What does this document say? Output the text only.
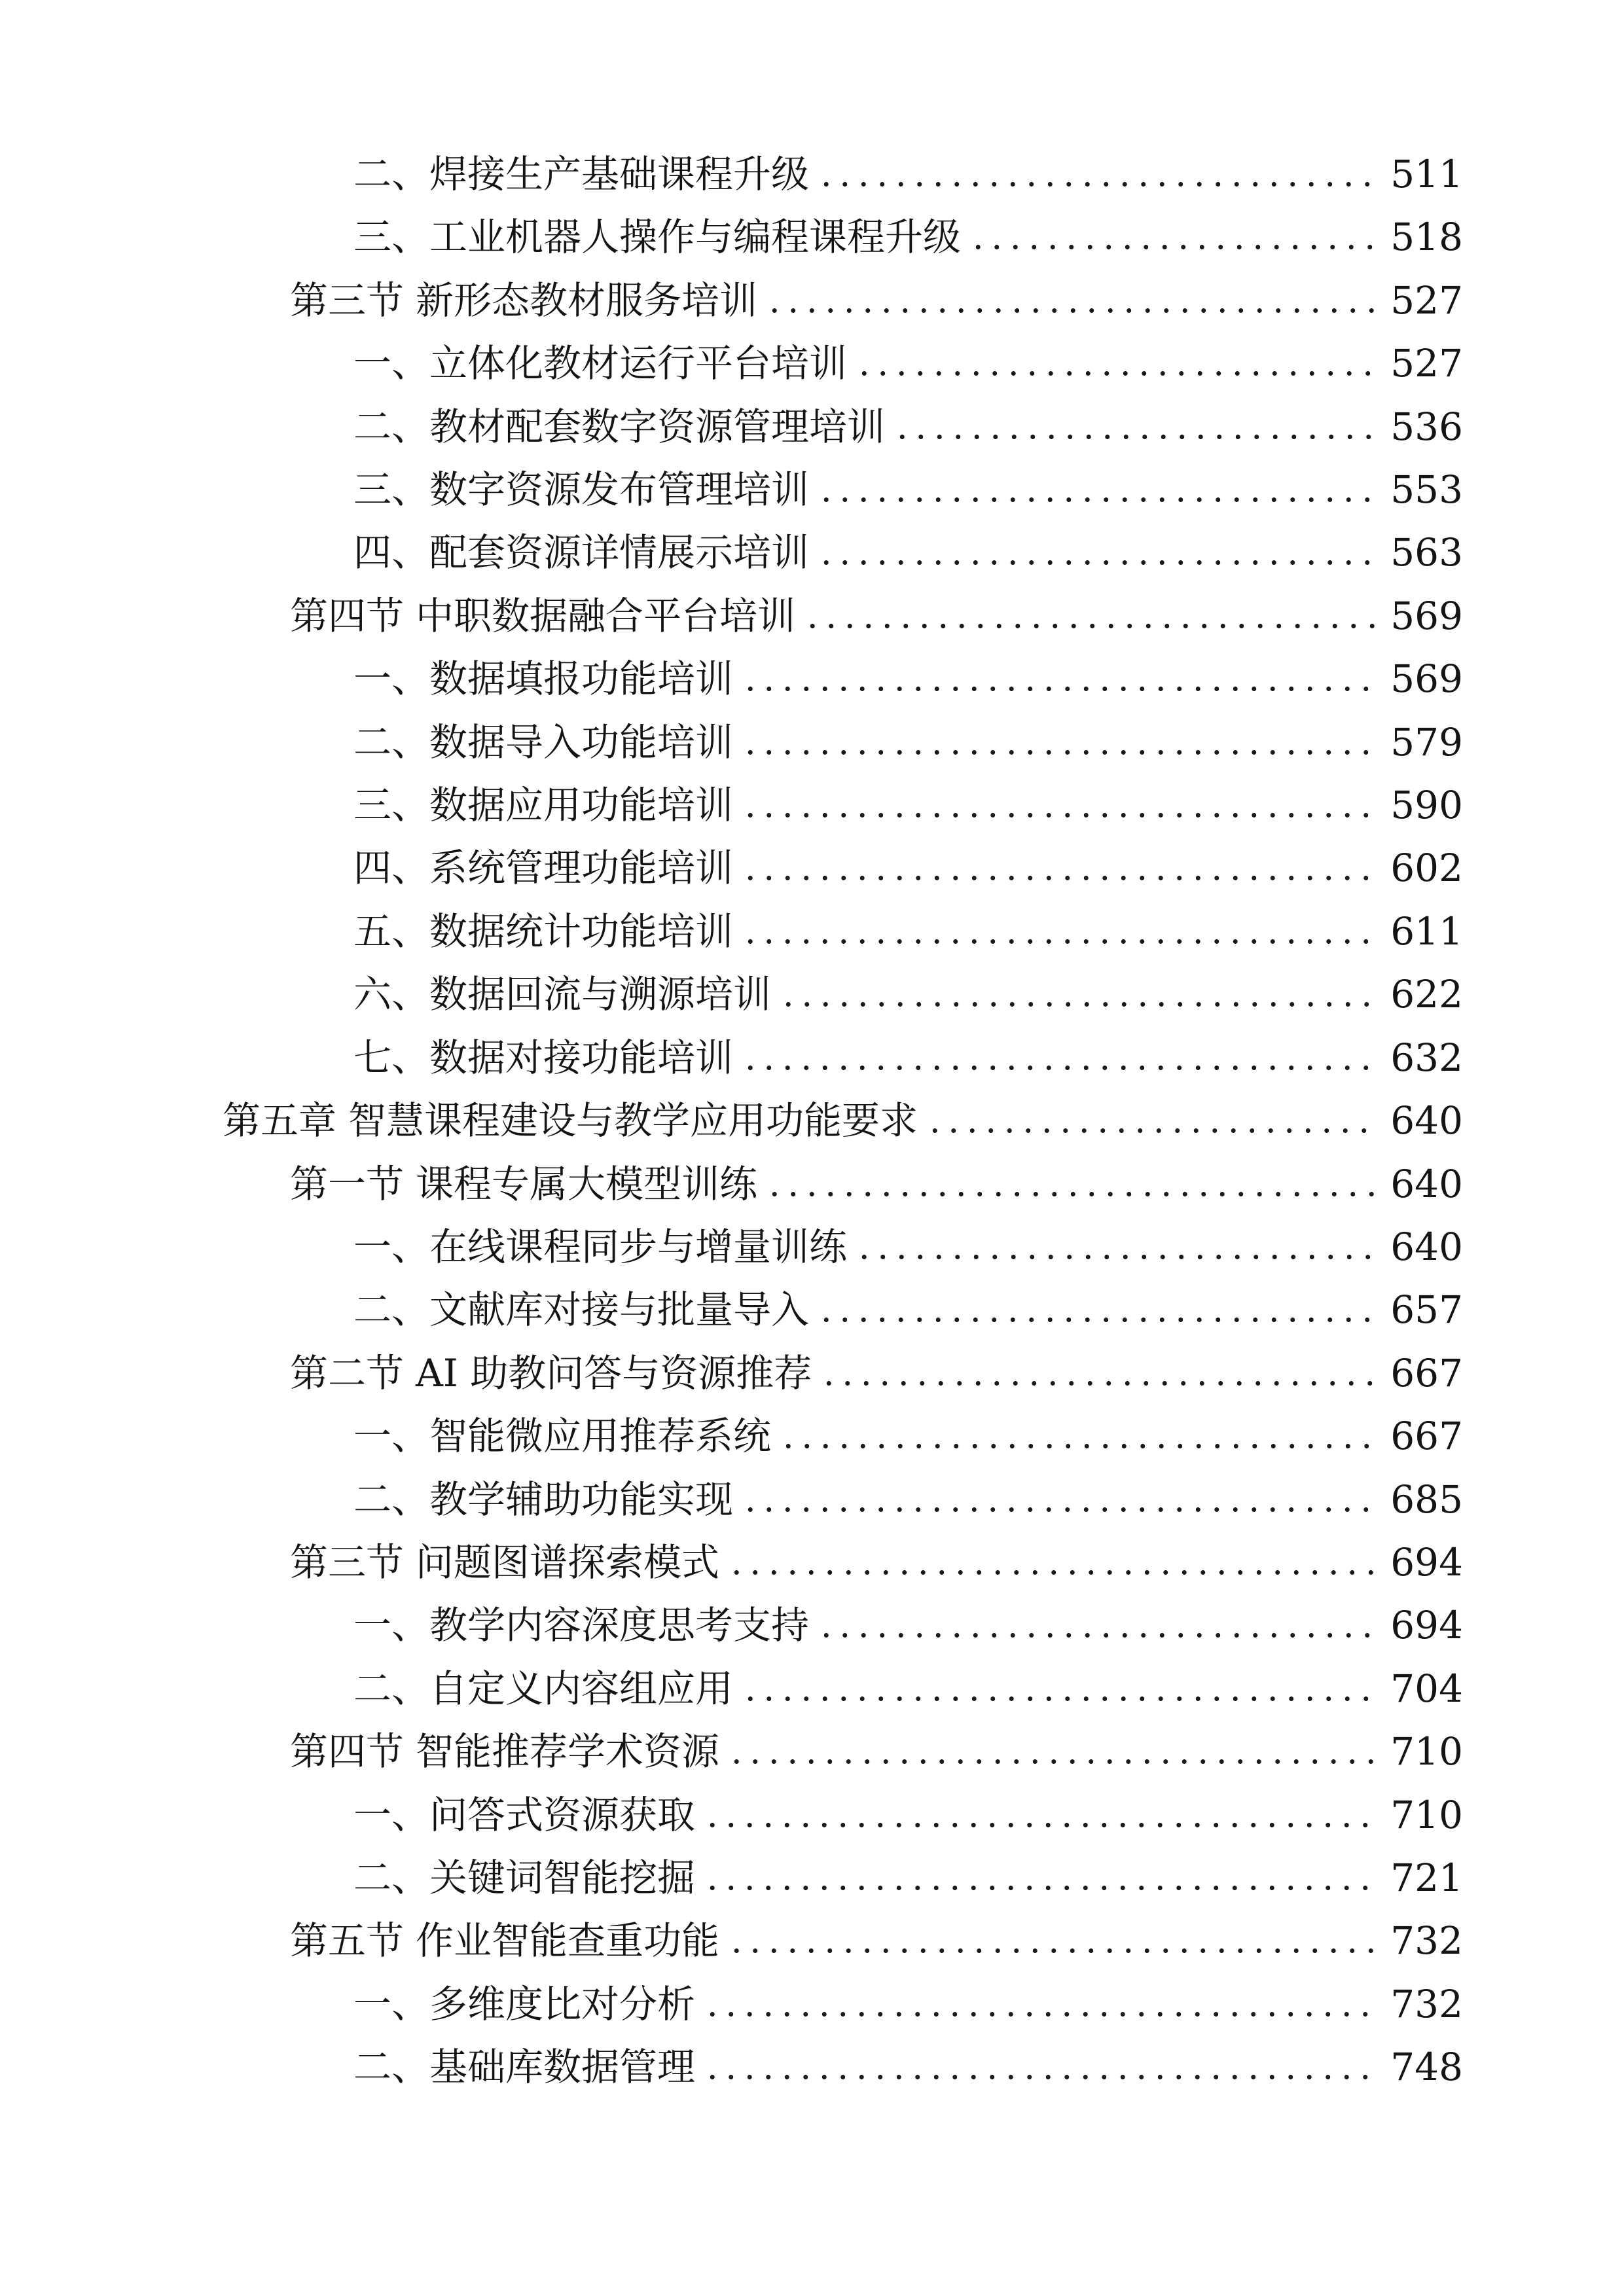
二、 焊接生产基础课程升级	511
三、 工业机器人操作与编程课程升级	518
第三节 新形态教材服务培训	527
一、 立体化教材运行平台培训	527
二、 教材配套数字资源管理培训	536
三、 数字资源发布管理培训	553
四、 配套资源详情展示培训	563
第四节 中职数据融合平台培训	569
一、 数据填报功能培训	569
二、 数据导入功能培训	579
三、 数据应用功能培训	590
四、 系统管理功能培训	602
五、 数据统计功能培训	611
六、 数据回流与溯源培训	622
七、 数据对接功能培训	632
第五章 智慧课程建设与教学应用功能要求	640
第一节 课程专属大模型训练	640
一、 在线课程同步与增量训练	640
二、 文献库对接与批量导入	657
第二节 AI 助教问答与资源推荐	667
一、 智能微应用推荐系统	667
二、 教学辅助功能实现	685
第三节 问题图谱探索模式	694
一、 教学内容深度思考支持	694
二、 自定义内容组应用	704
第四节 智能推荐学术资源	710
一、 问答式资源获取	710
二、 关键词智能挖掘	721
第五节 作业智能查重功能	732
一、 多维度比对分析	732
二、 基础库数据管理	748
